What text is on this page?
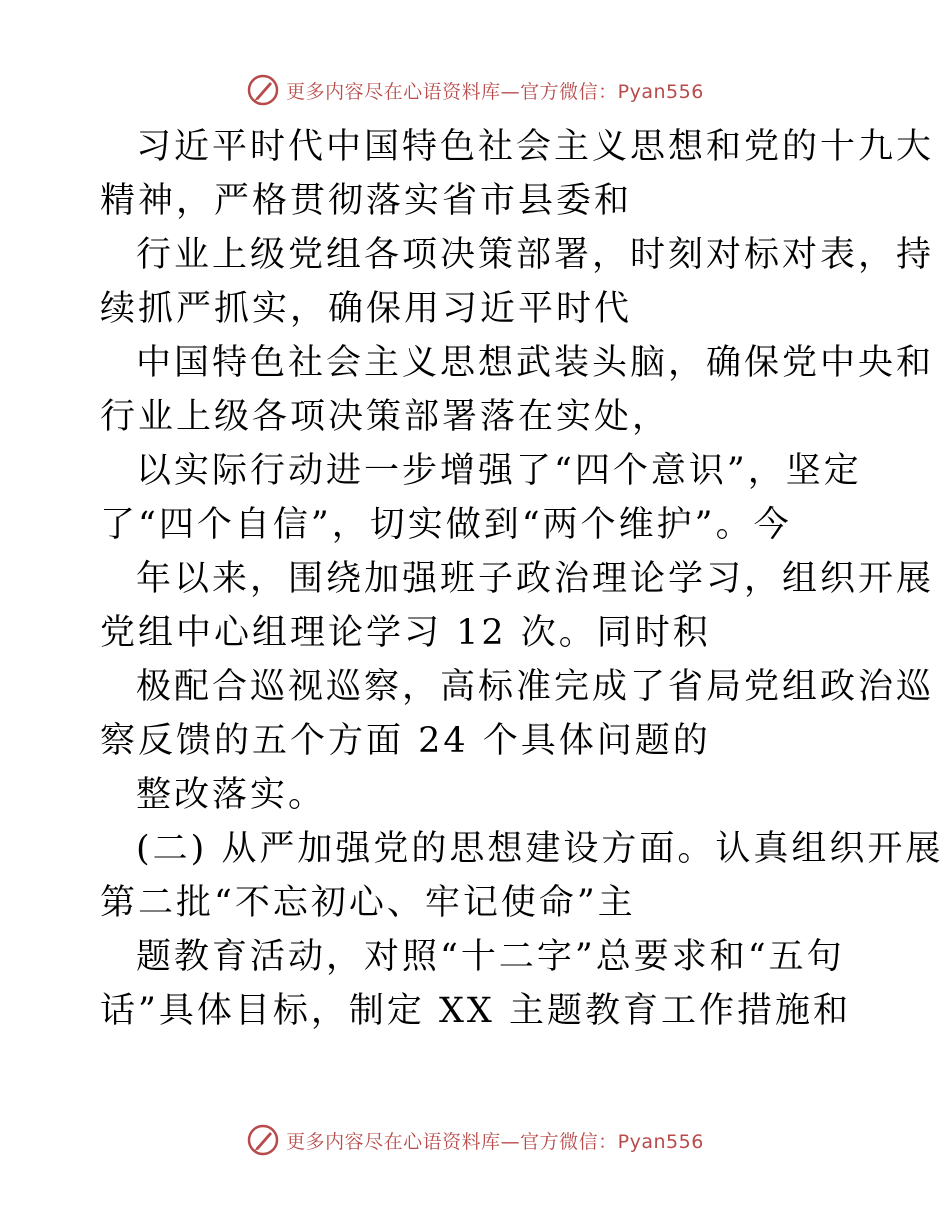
更多内容尽在心语资料库—官方微信：Pyan556
习近平时代中国特色社会主义思想和党的十九大
精神，严格贯彻落实省市县委和
行业上级党组各项决策部署，时刻对标对表，持
续抓严抓实，确保用习近平时代
中国特色社会主义思想武装头脑，确保党中央和
行业上级各项决策部署落在实处，
以实际行动进一步增强了“四个意识”，坚定
了“四个自信”，切实做到“两个维护”。今
年以来，围绕加强班子政治理论学习，组织开展
党组中心组理论学习 12 次。同时积
极配合巡视巡察，高标准完成了省局党组政治巡
察反馈的五个方面 24 个具体问题的
整改落实。
(二) 从严加强党的思想建设方面。认真组织开展
第二批“不忘初心、牢记使命”主
题教育活动，对照“十二字”总要求和“五句
话”具体目标，制定 XX 主题教育工作措施和
更多内容尽在心语资料库—官方微信：Pyan556
